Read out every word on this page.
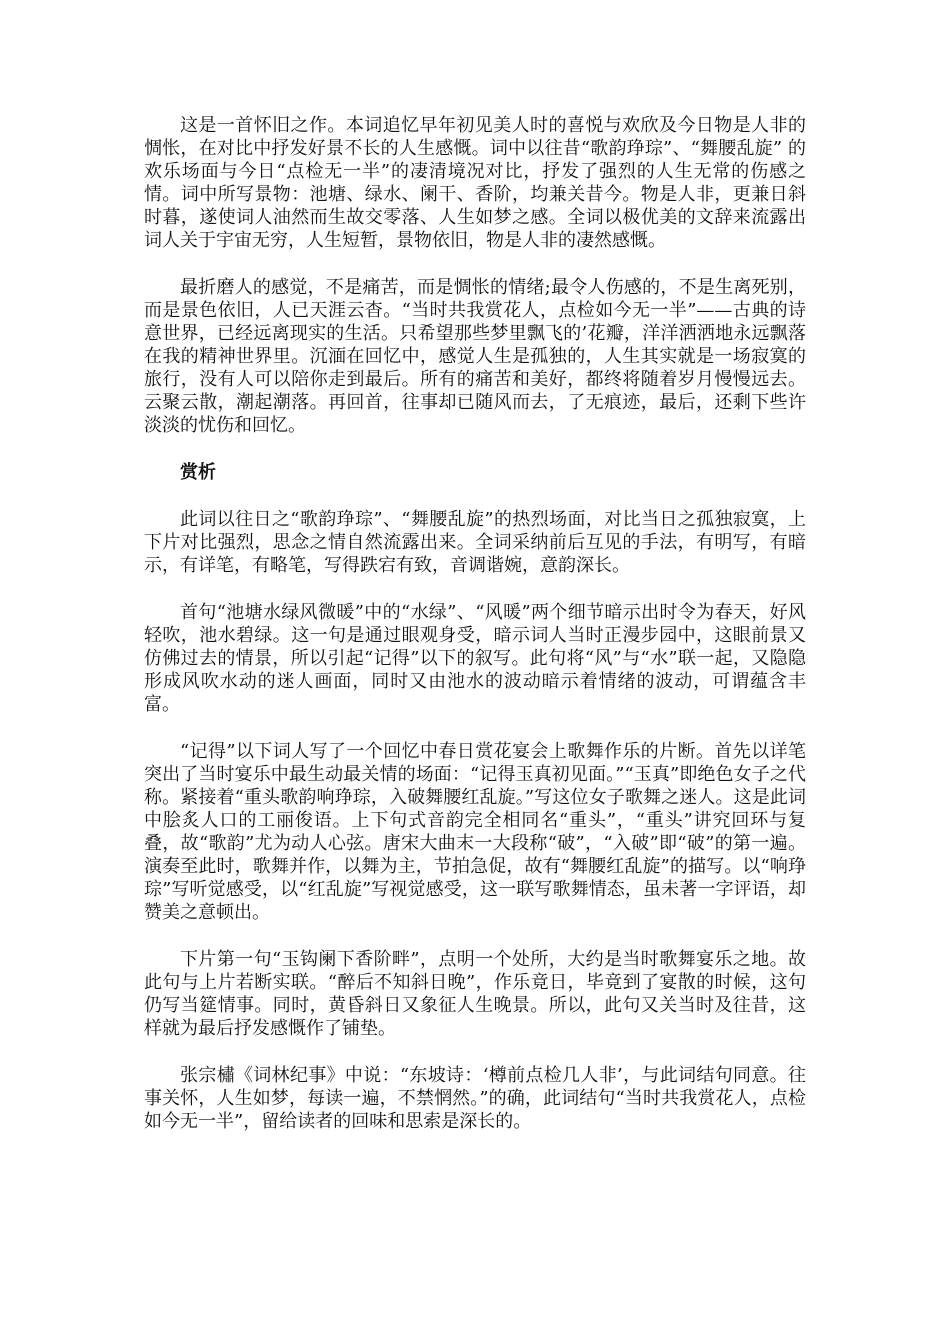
这是一首怀旧之作。本词追忆早年初见美人时的喜悦与欢欣及今日物是人非的惆怅，在对比中抒发好景不长的人生感慨。词中以往昔“歌韵琤琮”、“舞腰乱旋” 的欢乐场面与今日“点检无一半”的凄清境况对比，抒发了强烈的人生无常的伤感之情。词中所写景物：池塘、绿水、阑干、香阶，均兼关昔今。物是人非，更兼日斜时暮，遂使词人油然而生故交零落、人生如梦之感。全词以极优美的文辞来流露出词人关于宇宙无穷，人生短暂，景物依旧，物是人非的凄然感慨。

最折磨人的感觉，不是痛苦，而是惆怅的情绪;最令人伤感的，不是生离死别，而是景色依旧，人已天涯云杳。“当时共我赏花人，点检如今无一半”——古典的诗意世界，已经远离现实的生活。只希望那些梦里飘飞的’花瓣，洋洋洒洒地永远飘落在我的精神世界里。沉湎在回忆中，感觉人生是孤独的，人生其实就是一场寂寞的旅行，没有人可以陪你走到最后。所有的痛苦和美好，都终将随着岁月慢慢远去。云聚云散，潮起潮落。再回首，往事却已随风而去，了无痕迹，最后，还剩下些许淡淡的忧伤和回忆。

赏析

此词以往日之“歌韵琤琮”、“舞腰乱旋”的热烈场面，对比当日之孤独寂寞，上下片对比强烈，思念之情自然流露出来。全词采纳前后互见的手法，有明写，有暗示，有详笔，有略笔，写得跌宕有致，音调谐婉，意韵深长。

首句“池塘水绿风微暖”中的“水绿”、“风暖”两个细节暗示出时令为春天，好风轻吹，池水碧绿。这一句是通过眼观身受，暗示词人当时正漫步园中，这眼前景又仿佛过去的情景，所以引起“记得”以下的叙写。此句将“风”与“水”联一起，又隐隐形成风吹水动的迷人画面，同时又由池水的波动暗示着情绪的波动，可谓蕴含丰富。

“记得”以下词人写了一个回忆中春日赏花宴会上歌舞作乐的片断。首先以详笔突出了当时宴乐中最生动最关情的场面：“记得玉真初见面。”“玉真”即绝色女子之代称。紧接着“重头歌韵响琤琮，入破舞腰红乱旋。”写这位女子歌舞之迷人。这是此词中脍炙人口的工丽俊语。上下句式音韵完全相同名“重头”，“重头”讲究回环与复叠，故“歌韵”尤为动人心弦。唐宋大曲末一大段称“破”，“入破”即“破”的第一遍。演奏至此时，歌舞并作，以舞为主，节拍急促，故有“舞腰红乱旋”的描写。以“响琤琮”写听觉感受，以“红乱旋”写视觉感受，这一联写歌舞情态，虽未著一字评语，却赞美之意顿出。

下片第一句“玉钩阑下香阶畔”，点明一个处所，大约是当时歌舞宴乐之地。故此句与上片若断实联。“醉后不知斜日晚”，作乐竟日，毕竟到了宴散的时候，这句仍写当筵情事。同时，黄昏斜日又象征人生晚景。所以，此句又关当时及往昔，这样就为最后抒发感慨作了铺垫。

张宗橚《词林纪事》中说：“东坡诗：‘樽前点检几人非’，与此词结句同意。往事关怀，人生如梦，每读一遍，不禁惘然。”的确，此词结句“当时共我赏花人，点检如今无一半”，留给读者的回味和思索是深长的。
